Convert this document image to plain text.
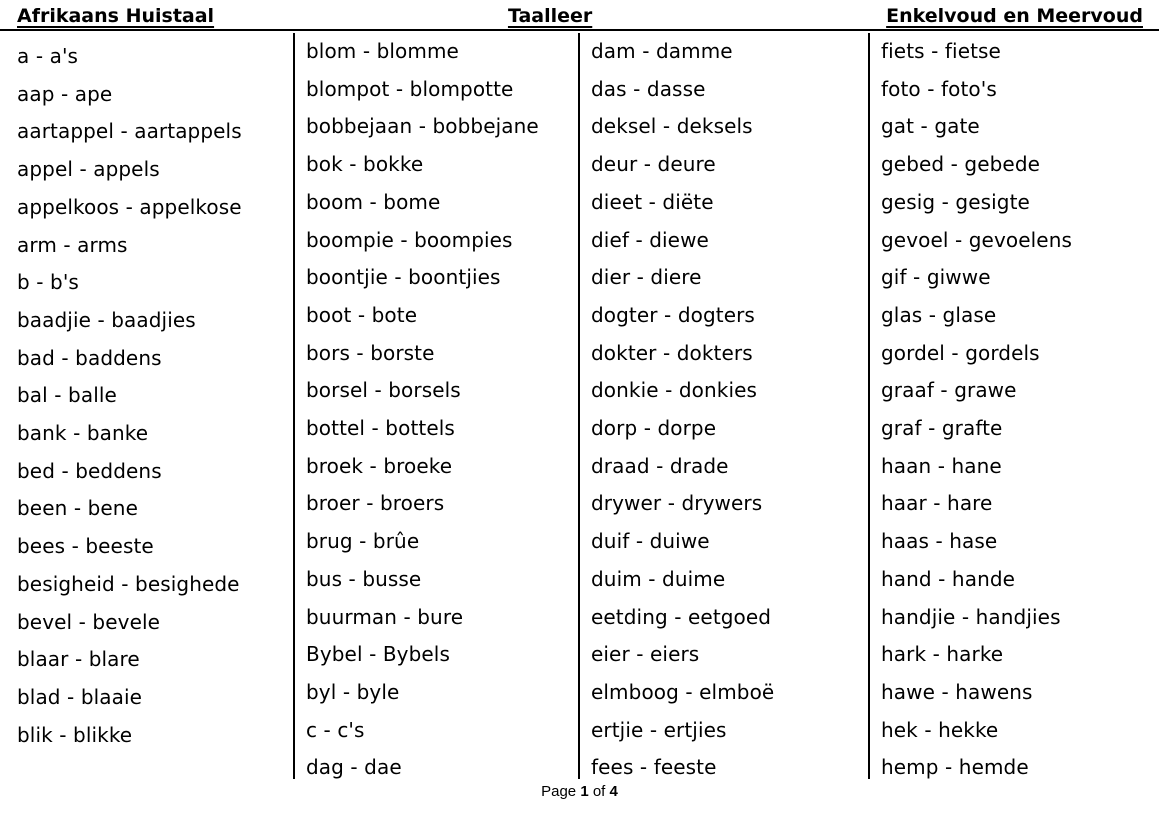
Afrikaans Huistaal	Taalleer	Enkelvoud en Meervoud
a - a's
aap - ape
aartappel - aartappels
appel - appels
appelkoos - appelkose
arm - arms
b - b's
baadjie - baadjies
bad - baddens
bal - balle
bank - banke
bed - beddens
been - bene
bees - beeste
besigheid - besighede
bevel - bevele
blaar - blare
blad - blaaie
blik - blikke
blom - blomme
blompot - blompotte
bobbejaan - bobbejane
bok - bokke
boom - bome
boompie - boompies
boontjie - boontjies
boot - bote
bors - borste
borsel - borsels
bottel - bottels
broek - broeke
broer - broers
brug - brûe
bus - busse
buurman - bure
Bybel - Bybels
byl - byle
c - c's
dag - dae
dam - damme
das - dasse
deksel - deksels
deur - deure
dieet - diëte
dief - diewe
dier - diere
dogter - dogters
dokter - dokters
donkie - donkies
dorp - dorpe
draad - drade
drywer - drywers
duif - duiwe
duim - duime
eetding - eetgoed
eier - eiers
elmboog - elmboë
ertjie - ertjies
fees - feeste
fiets - fietse
foto - foto's
gat - gate
gebed - gebede
gesig - gesigte
gevoel - gevoelens
gif - giwwe
glas - glase
gordel - gordels
graaf - grawe
graf - grafte
haan - hane
haar - hare
haas - hase
hand - hande
handjie - handjies
hark - harke
hawe - hawens
hek - hekke
hemp - hemde
Page 1 of 4
